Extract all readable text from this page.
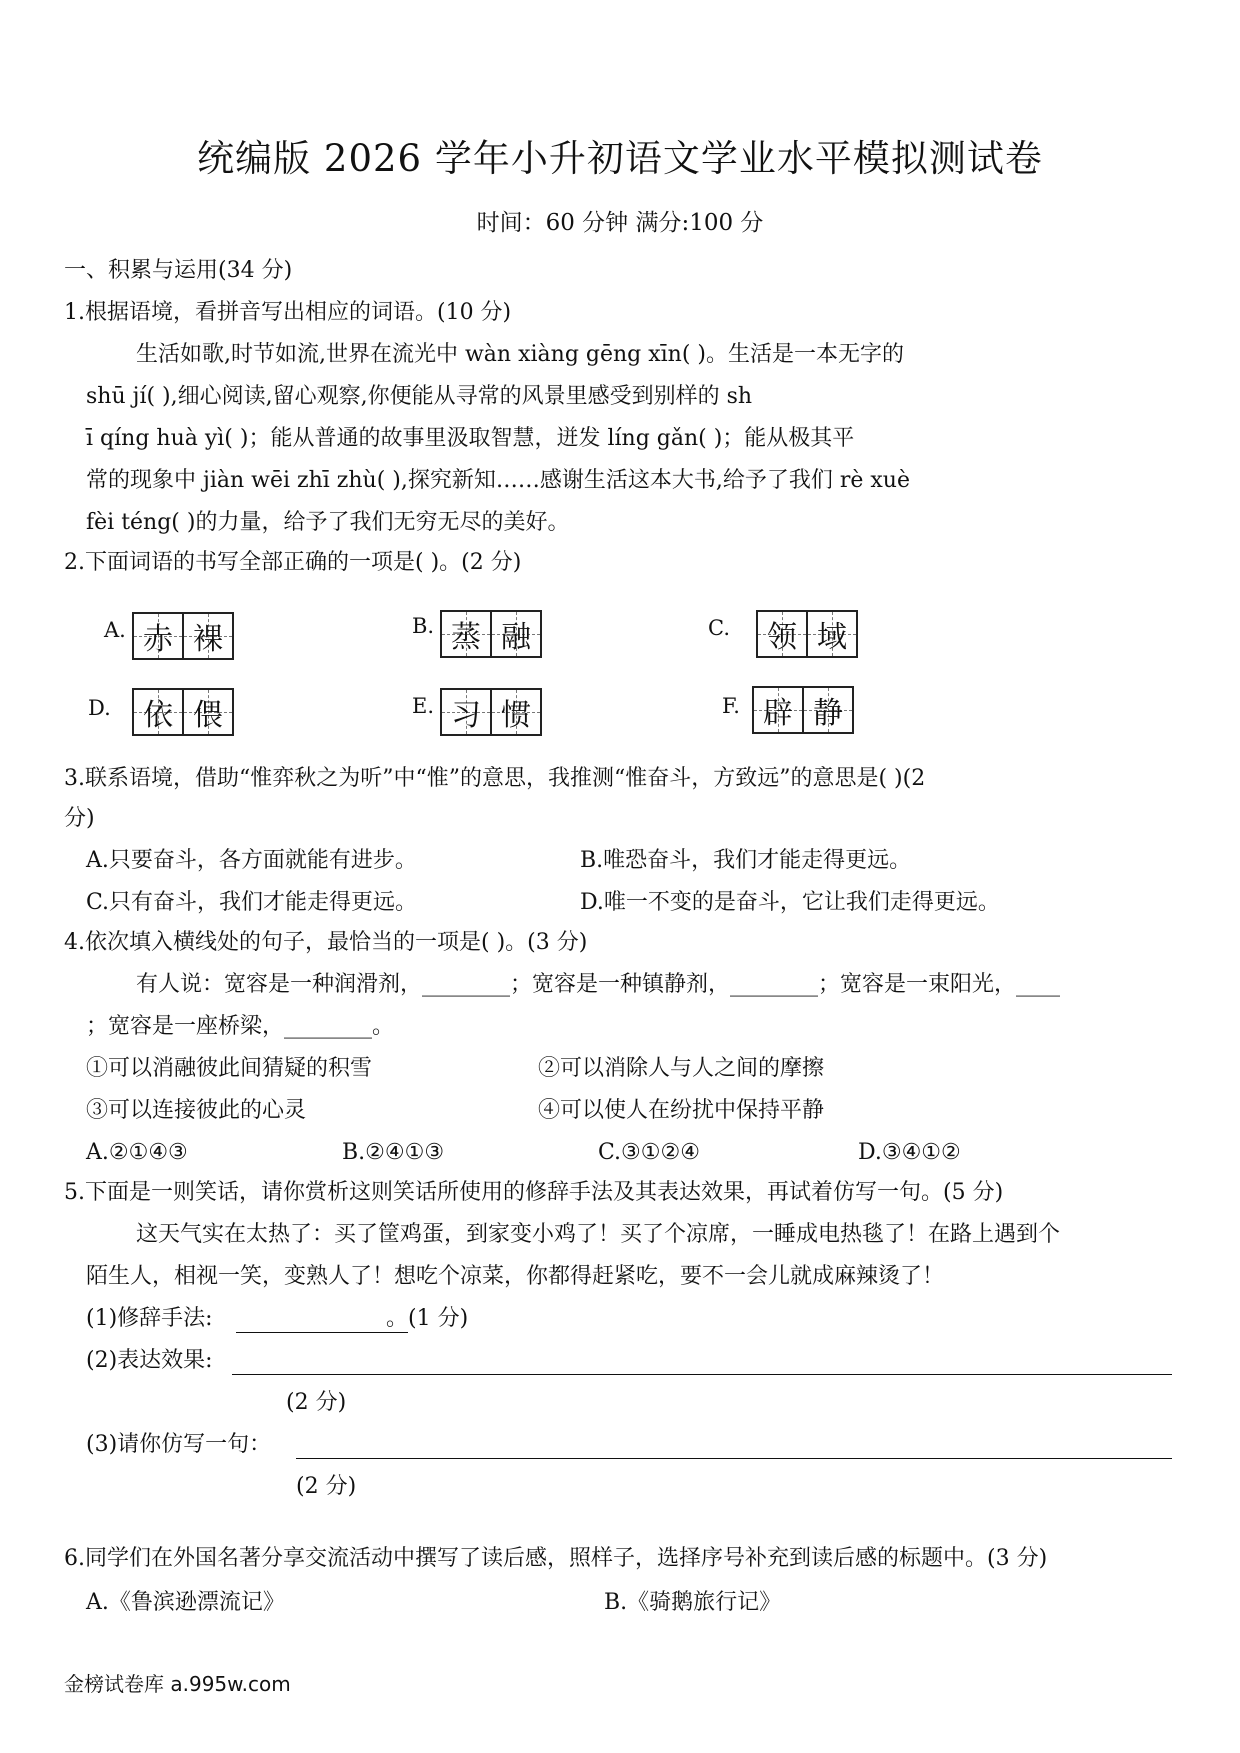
统编版 2026 学年小升初语文学业水平模拟测试卷
时间：60 分钟 满分:100 分
一、积累与运用(34 分)
1.根据语境，看拼音写出相应的词语。(10 分)
生活如歌,时节如流,世界在流光中 wàn xiàng gēng xīn( )。生活是一本无字的
shū jí( ),细心阅读,留心观察,你便能从寻常的风景里感受到别样的 sh
ī qíng huà yì( )；能从普通的故事里汲取智慧，迸发 líng gǎn( )；能从极其平
常的现象中 jiàn wēi zhī zhù( ),探究新知……感谢生活这本大书,给予了我们 rè xuè
fèi téng( )的力量，给予了我们无穷无尽的美好。
2.下面词语的书写全部正确的一项是( )。(2 分)
A. 赤 裸	B. 蒸 融	C. 领 域
D. 依 偎	E. 习 惯	F. 辟 静
3.联系语境，借助“惟弈秋之为听”中“惟”的意思，我推测“惟奋斗，方致远”的意思是( )(2
分)
A.只要奋斗，各方面就能有进步。	B.唯恐奋斗，我们才能走得更远。
C.只有奋斗，我们才能走得更远。	D.唯一不变的是奋斗，它让我们走得更远。
4.依次填入横线处的句子，最恰当的一项是( )。(3 分)
有人说：宽容是一种润滑剂，________；宽容是一种镇静剂，________；宽容是一束阳光，____
；宽容是一座桥梁，________。
①可以消融彼此间猜疑的积雪	②可以消除人与人之间的摩擦
③可以连接彼此的心灵	④可以使人在纷扰中保持平静
A.②①④③	B.②④①③	C.③①②④	D.③④①②
5.下面是一则笑话，请你赏析这则笑话所使用的修辞手法及其表达效果，再试着仿写一句。(5 分)
这天气实在太热了：买了筐鸡蛋，到家变小鸡了！买了个凉席，一睡成电热毯了！在路上遇到个
陌生人，相视一笑，变熟人了！想吃个凉菜，你都得赶紧吃，要不一会儿就成麻辣烫了！
(1)修辞手法:	。(1 分)
(2)表达效果:
(2 分)
(3)请你仿写一句：
(2 分)
6.同学们在外国名著分享交流活动中撰写了读后感，照样子，选择序号补充到读后感的标题中。(3 分)
A.《鲁滨逊漂流记》	B.《骑鹅旅行记》
金榜试卷库 a.995w.com
